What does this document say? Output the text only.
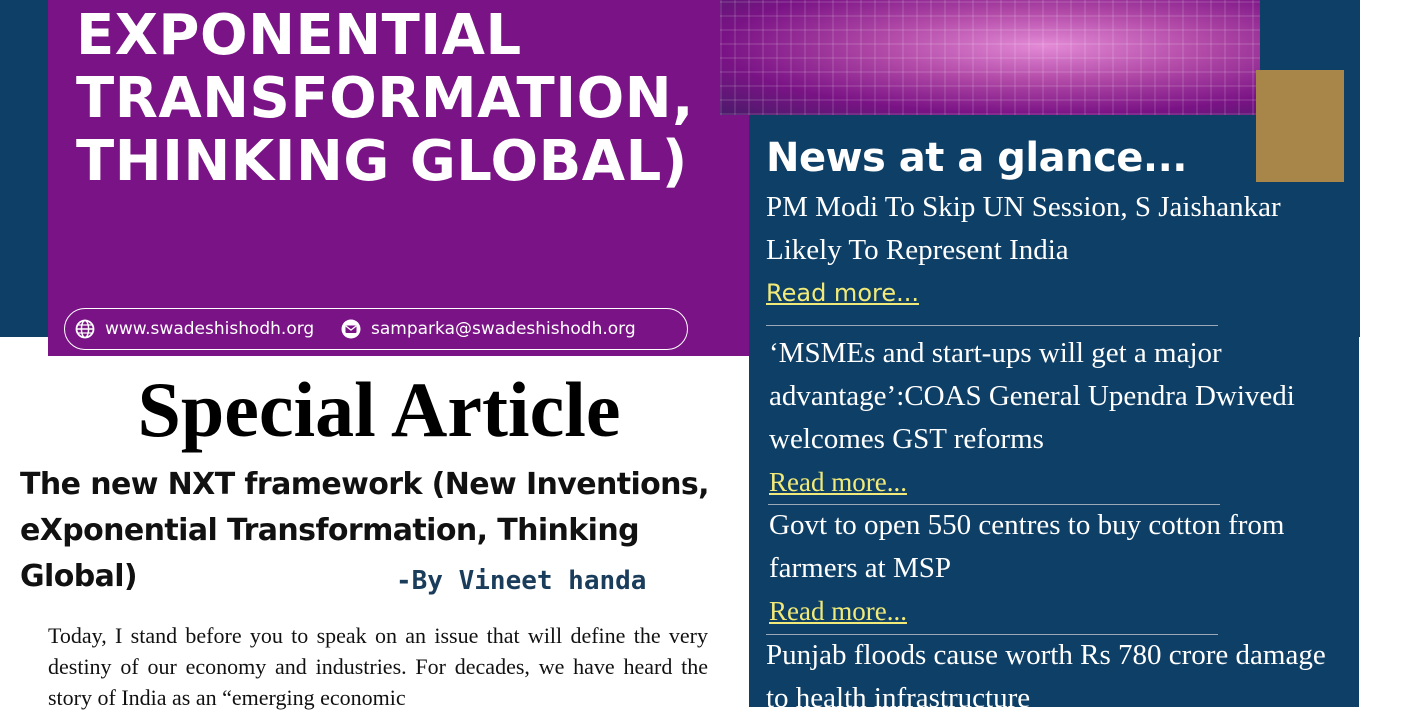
EXPONENTIAL
TRANSFORMATION,
THINKING GLOBAL)
www.swadeshishodh.org	samparka@swadeshishodh.org
News at a glance...

PM Modi To Skip UN Session, S Jaishankar Likely To Represent India

Read more...

‘MSMEs and start-ups will get a major advantage’:COAS General Upendra Dwivedi welcomes GST reforms

Read more...

Govt to open 550 centres to buy cotton from farmers at MSP

Read more...

Punjab floods cause worth Rs 780 crore damage to health infrastructure

Special Article
The new NXT framework (New Inventions, eXponential Transformation, Thinking Global)	-By Vineet handa

Today, I stand before you to speak on an issue that will define the very destiny of our economy and industries. For decades, we have heard the story of India as an “emerging economic
